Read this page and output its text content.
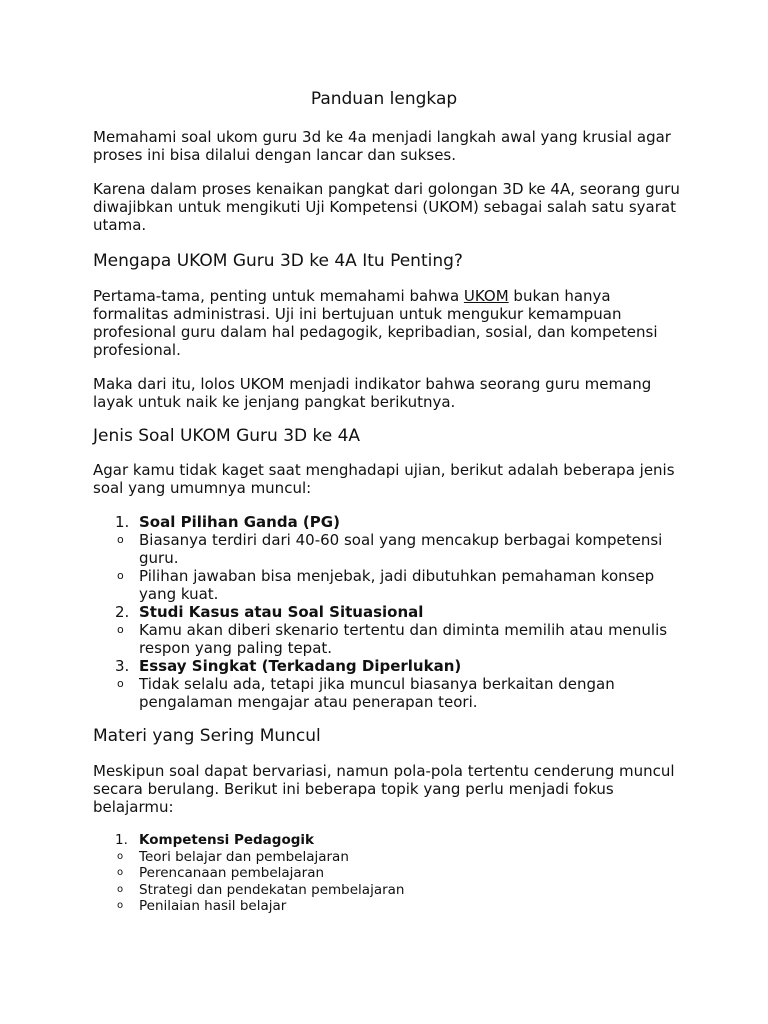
Panduan lengkap

Memahami soal ukom guru 3d ke 4a menjadi langkah awal yang krusial agar proses ini bisa dilalui dengan lancar dan sukses.

Karena dalam proses kenaikan pangkat dari golongan 3D ke 4A, seorang guru diwajibkan untuk mengikuti Uji Kompetensi (UKOM) sebagai salah satu syarat utama.

Mengapa UKOM Guru 3D ke 4A Itu Penting?

Pertama-tama, penting untuk memahami bahwa UKOM bukan hanya formalitas administrasi. Uji ini bertujuan untuk mengukur kemampuan profesional guru dalam hal pedagogik, kepribadian, sosial, dan kompetensi profesional.

Maka dari itu, lolos UKOM menjadi indikator bahwa seorang guru memang layak untuk naik ke jenjang pangkat berikutnya.

Jenis Soal UKOM Guru 3D ke 4A

Agar kamu tidak kaget saat menghadapi ujian, berikut adalah beberapa jenis soal yang umumnya muncul:

1. Soal Pilihan Ganda (PG)
o Biasanya terdiri dari 40-60 soal yang mencakup berbagai kompetensi guru.
o Pilihan jawaban bisa menjebak, jadi dibutuhkan pemahaman konsep yang kuat.
2. Studi Kasus atau Soal Situasional
o Kamu akan diberi skenario tertentu dan diminta memilih atau menulis respon yang paling tepat.
3. Essay Singkat (Terkadang Diperlukan)
o Tidak selalu ada, tetapi jika muncul biasanya berkaitan dengan pengalaman mengajar atau penerapan teori.
Materi yang Sering Muncul

Meskipun soal dapat bervariasi, namun pola-pola tertentu cenderung muncul secara berulang. Berikut ini beberapa topik yang perlu menjadi fokus belajarmu:

1. Kompetensi Pedagogik
o Teori belajar dan pembelajaran
o Perencanaan pembelajaran
o Strategi dan pendekatan pembelajaran
o Penilaian hasil belajar
